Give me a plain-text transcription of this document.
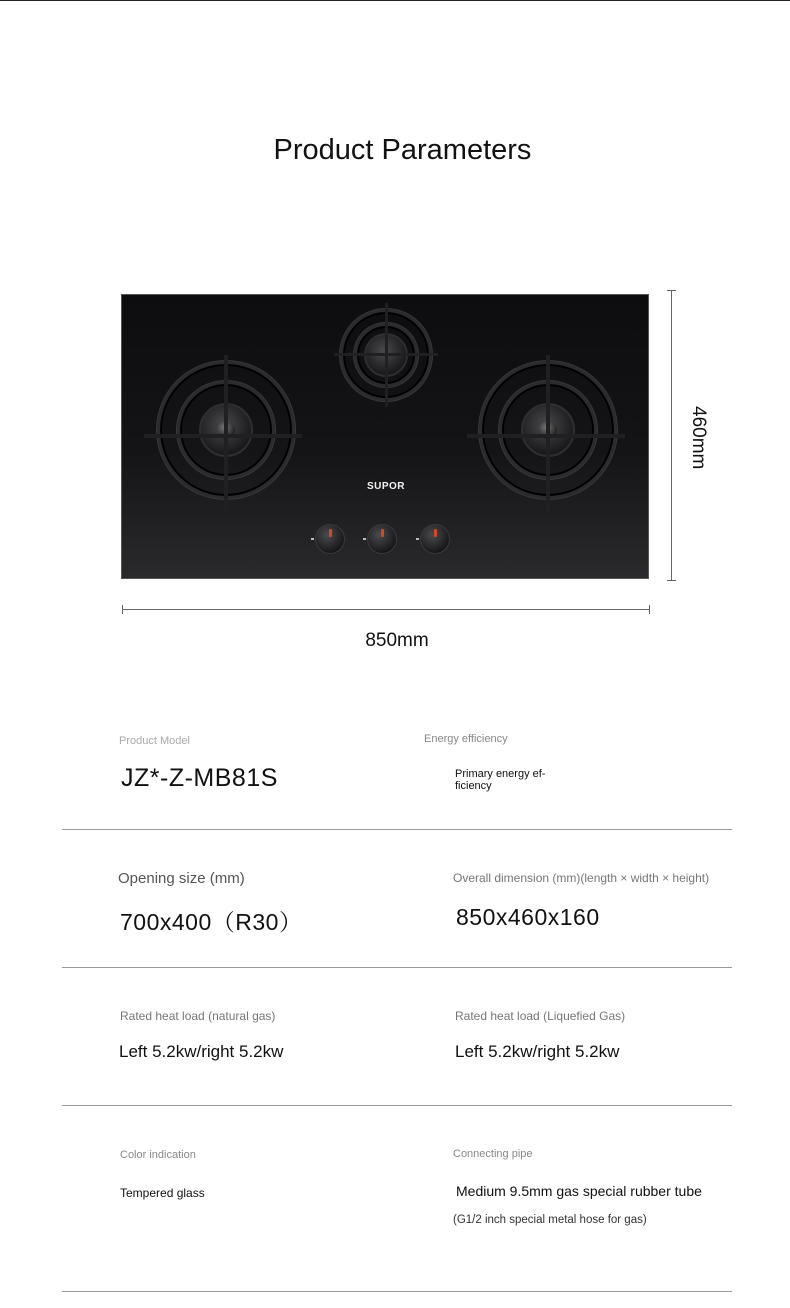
Product Parameters
SUPOR
460mm
850mm
Product Model
JZ*-Z-MB81S
Energy efficiency
Primary energy ef-
ficiency
Opening size (mm)
700x400（R30）
Overall dimension (mm)(length × width × height)
850x460x160
Rated heat load (natural gas)
Left 5.2kw/right 5.2kw
Rated heat load (Liquefied Gas)
Left 5.2kw/right 5.2kw
Color indication
Tempered glass
Connecting pipe
Medium 9.5mm gas special rubber tube
(G1/2 inch special metal hose for gas)
